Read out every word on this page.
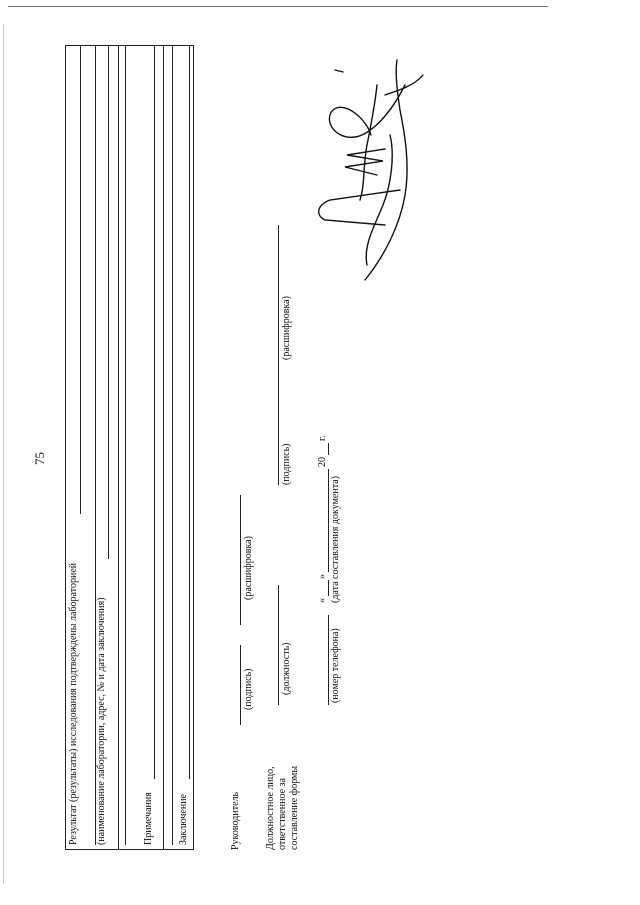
75
Результат (результаты) исследования подтверждены лабораторией (наименование лаборатории, адрес, № и дата заключения)	Примечания Заключение	Руководитель
(подпись)
(расшифровка)
Должностное лицо, ответственное за составление формы
(должность)
(подпись)
(расшифровка)
(номер телефона)
«
»
20
г.
(дата составления документа)
